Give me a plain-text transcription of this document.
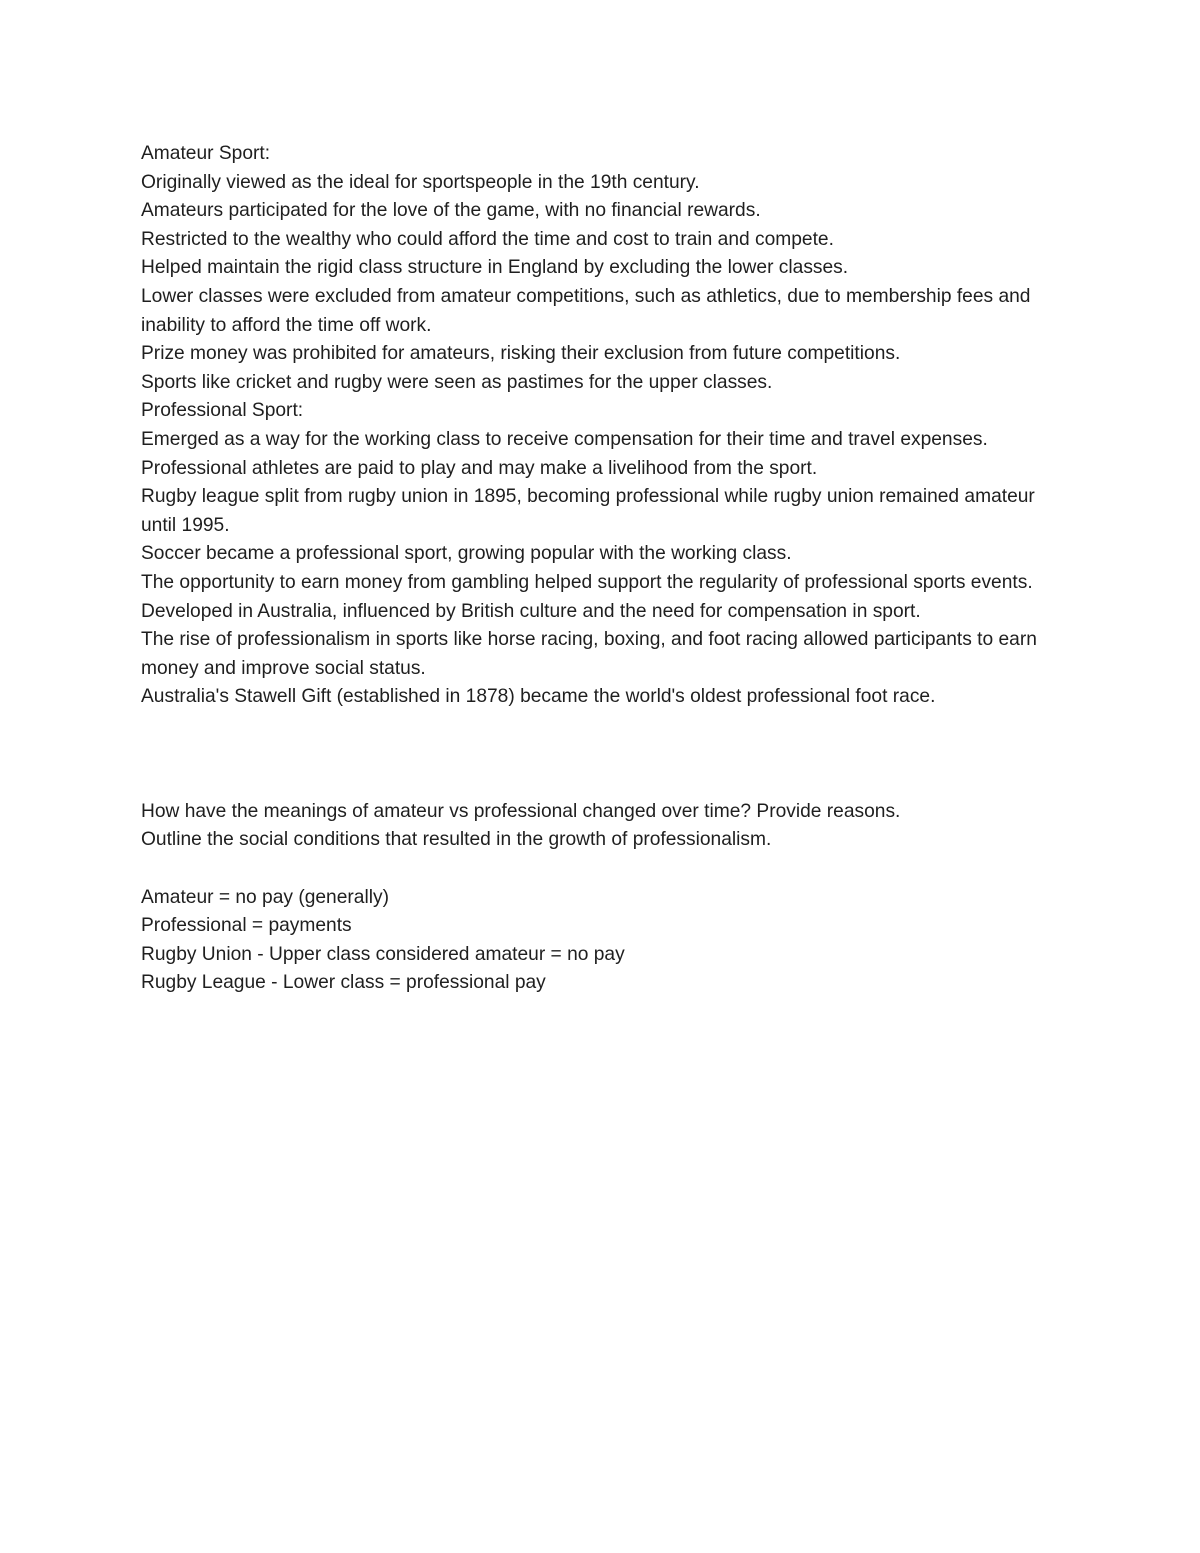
Amateur Sport:

Originally viewed as the ideal for sportspeople in the 19th century.

Amateurs participated for the love of the game, with no financial rewards.

Restricted to the wealthy who could afford the time and cost to train and compete.

Helped maintain the rigid class structure in England by excluding the lower classes.

Lower classes were excluded from amateur competitions, such as athletics, due to membership fees and inability to afford the time off work.

Prize money was prohibited for amateurs, risking their exclusion from future competitions.

Sports like cricket and rugby were seen as pastimes for the upper classes.

Professional Sport:

Emerged as a way for the working class to receive compensation for their time and travel expenses.

Professional athletes are paid to play and may make a livelihood from the sport.

Rugby league split from rugby union in 1895, becoming professional while rugby union remained amateur until 1995.

Soccer became a professional sport, growing popular with the working class.

The opportunity to earn money from gambling helped support the regularity of professional sports events.

Developed in Australia, influenced by British culture and the need for compensation in sport.

The rise of professionalism in sports like horse racing, boxing, and foot racing allowed participants to earn money and improve social status.

Australia's Stawell Gift (established in 1878) became the world's oldest professional foot race.

How have the meanings of amateur vs professional changed over time? Provide reasons.

Outline the social conditions that resulted in the growth of professionalism.

Amateur = no pay (generally)

Professional = payments

Rugby Union - Upper class considered amateur = no pay

Rugby League - Lower class = professional pay
